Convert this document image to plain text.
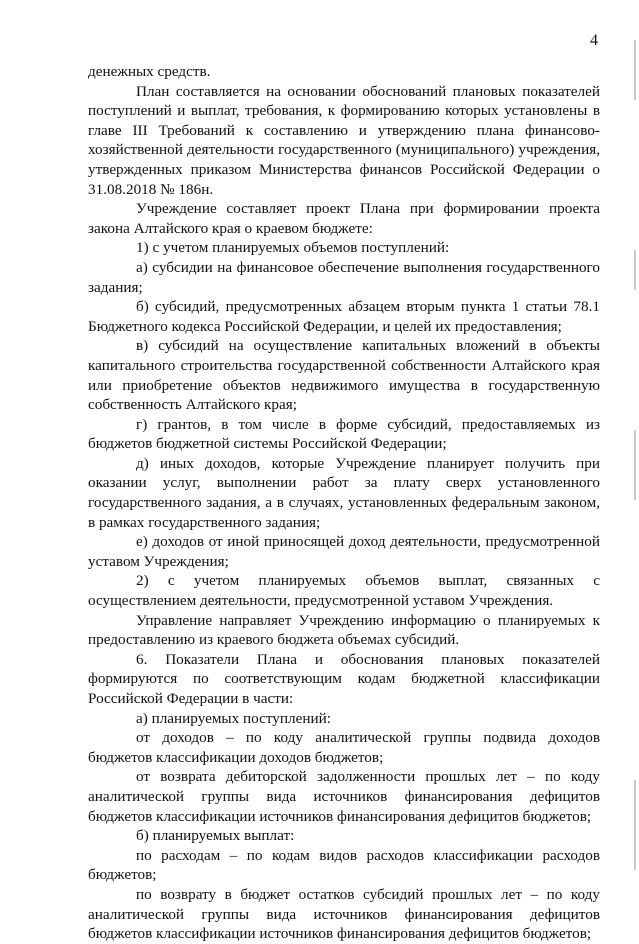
4

денежных средств.

План составляется на основании обоснований плановых показателей поступлений и выплат, требования, к формированию которых установлены в главе III Требований к составлению и утверждению плана финансово-хозяйственной деятельности государственного (муниципального) учреждения, утвержденных приказом Министерства финансов Российской Федерации о 31.08.2018 № 186н.

Учреждение составляет проект Плана при формировании проекта закона Алтайского края о краевом бюджете:

1) с учетом планируемых объемов поступлений:

а) субсидии на финансовое обеспечение выполнения государственного задания;

б) субсидий, предусмотренных абзацем вторым пункта 1 статьи 78.1 Бюджетного кодекса Российской Федерации, и целей их предоставления;

в) субсидий на осуществление капитальных вложений в объекты капитального строительства государственной собственности Алтайского края или приобретение объектов недвижимого имущества в государственную собственность Алтайского края;

г) грантов, в том числе в форме субсидий, предоставляемых из бюджетов бюджетной системы Российской Федерации;

д) иных доходов, которые Учреждение планирует получить при оказании услуг, выполнении работ за плату сверх установленного государственного задания, а в случаях, установленных федеральным законом, в рамках государственного задания;

е) доходов от иной приносящей доход деятельности, предусмотренной уставом Учреждения;

2) с учетом планируемых объемов выплат, связанных с осуществлением деятельности, предусмотренной уставом Учреждения.

Управление направляет Учреждению информацию о планируемых к предоставлению из краевого бюджета объемах субсидий.

6. Показатели Плана и обоснования плановых показателей формируются по соответствующим кодам бюджетной классификации Российской Федерации в части:

а) планируемых поступлений:

от доходов – по коду аналитической группы подвида доходов бюджетов классификации доходов бюджетов;

от возврата дебиторской задолженности прошлых лет – по коду аналитической группы вида источников финансирования дефицитов бюджетов классификации источников финансирования дефицитов бюджетов;

б) планируемых выплат:

по расходам – по кодам видов расходов классификации расходов бюджетов;

по возврату в бюджет остатков субсидий прошлых лет – по коду аналитической группы вида источников финансирования дефицитов бюджетов классификации источников финансирования дефицитов бюджетов;
